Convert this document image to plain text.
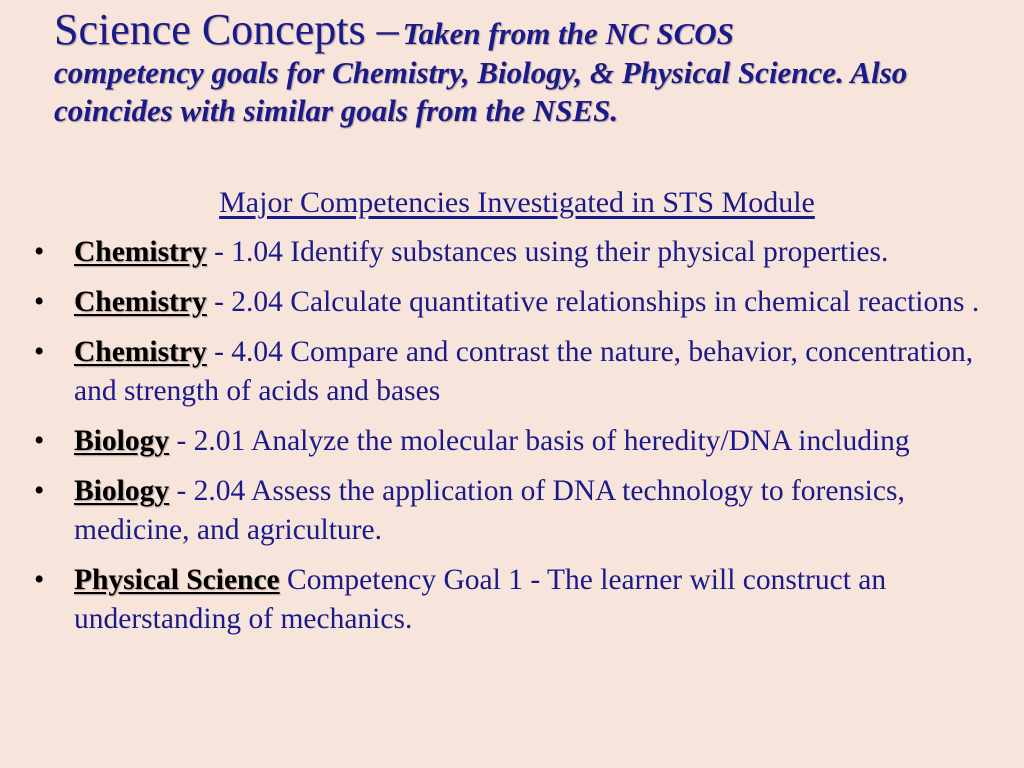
Science Concepts – Taken from the NC SCOS
competency goals for Chemistry, Biology, & Physical Science. Also coincides with similar goals from the NSES.
Major Competencies Investigated in STS Module
• Chemistry - 1.04 Identify substances using their physical properties.
• Chemistry - 2.04 Calculate quantitative relationships in chemical reactions .
• Chemistry - 4.04 Compare and contrast the nature, behavior, concentration, and strength of acids and bases
• Biology - 2.01 Analyze the molecular basis of heredity/DNA including
• Biology - 2.04 Assess the application of DNA technology to forensics, medicine, and agriculture.
• Physical Science Competency Goal 1 - The learner will construct an understanding of mechanics.
